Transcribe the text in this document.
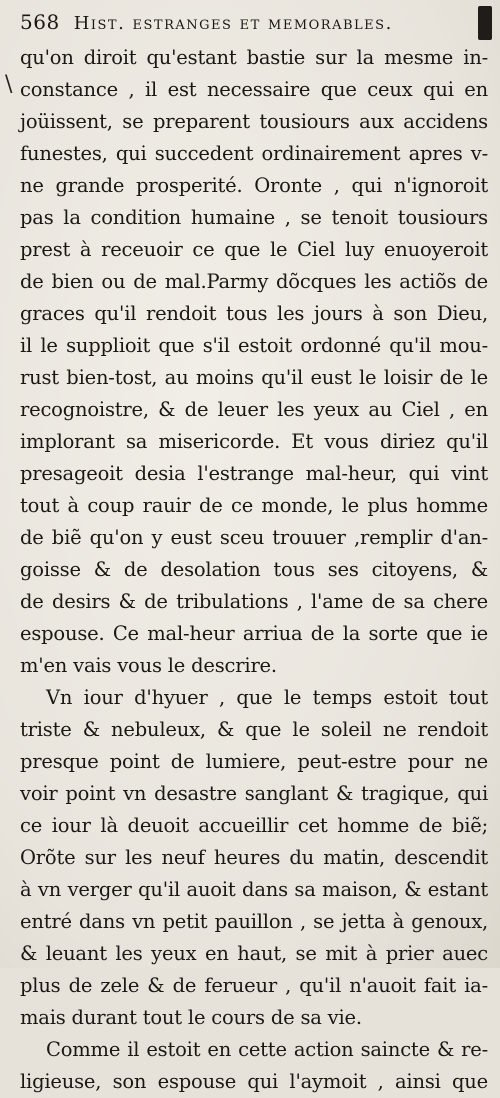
568 Hist. estranges et memorables.
\
qu'on diroit qu'estant bastie sur la mesme in-
constance , il est necessaire que ceux qui en
joüissent, se preparent tousiours aux accidens
funestes, qui succedent ordinairement apres v-
ne grande prosperité. Oronte , qui n'ignoroit
pas la condition humaine , se tenoit tousiours
prest à receuoir ce que le Ciel luy enuoyeroit
de bien ou de mal.Parmy dõcques les actiõs de
graces qu'il rendoit tous les jours à son Dieu,
il le supplioit que s'il estoit ordonné qu'il mou-
rust bien-tost, au moins qu'il eust le loisir de le
recognoistre, & de leuer les yeux au Ciel , en
implorant sa misericorde. Et vous diriez qu'il
presageoit desia l'estrange mal-heur, qui vint
tout à coup rauir de ce monde, le plus homme
de biẽ qu'on y eust sceu trouuer ,remplir d'an-
goisse & de desolation tous ses citoyens, &
de desirs & de tribulations , l'ame de sa chere
espouse. Ce mal-heur arriua de la sorte que ie
m'en vais vous le descrire.
Vn iour d'hyuer , que le temps estoit tout
triste & nebuleux, & que le soleil ne rendoit
presque point de lumiere, peut-estre pour ne
voir point vn desastre sanglant & tragique, qui
ce iour là deuoit accueillir cet homme de biẽ;
Orõte sur les neuf heures du matin, descendit
à vn verger qu'il auoit dans sa maison, & estant
entré dans vn petit pauillon , se jetta à genoux,
& leuant les yeux en haut, se mit à prier auec
plus de zele & de ferueur , qu'il n'auoit fait ia-
mais durant tout le cours de sa vie.
Comme il estoit en cette action saincte & re-
ligieuse, son espouse qui l'aymoit , ainsi que
